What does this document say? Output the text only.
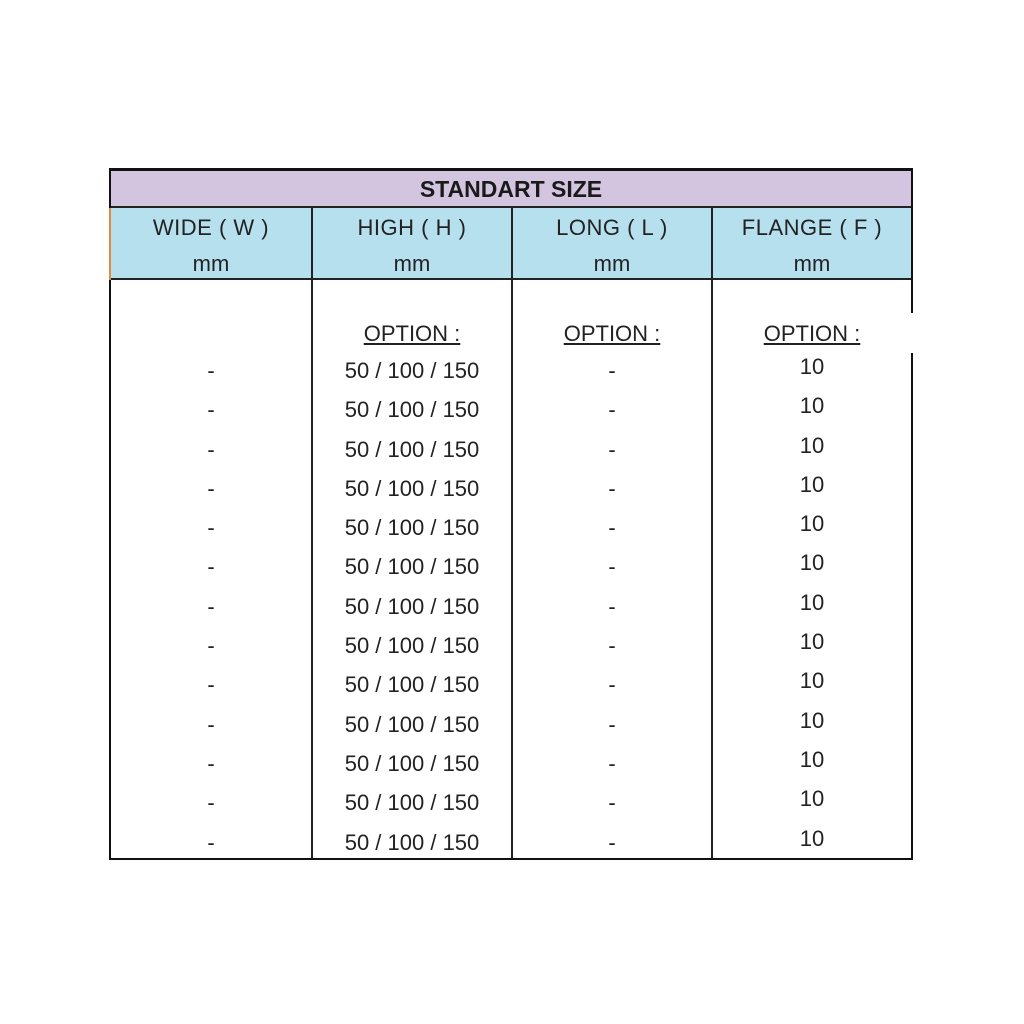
STANDART SIZE
WIDE ( W )
mm
HIGH ( H )
mm
LONG ( L )
mm
FLANGE ( F )
mm
OPTION :	OPTION :	OPTION :
-
-
-
-
-
-
-
-
-
-
-
-
-
50 / 100 / 150
50 / 100 / 150
50 / 100 / 150
50 / 100 / 150
50 / 100 / 150
50 / 100 / 150
50 / 100 / 150
50 / 100 / 150
50 / 100 / 150
50 / 100 / 150
50 / 100 / 150
50 / 100 / 150
50 / 100 / 150
-
-
-
-
-
-
-
-
-
-
-
-
-
10
10
10
10
10
10
10
10
10
10
10
10
10
